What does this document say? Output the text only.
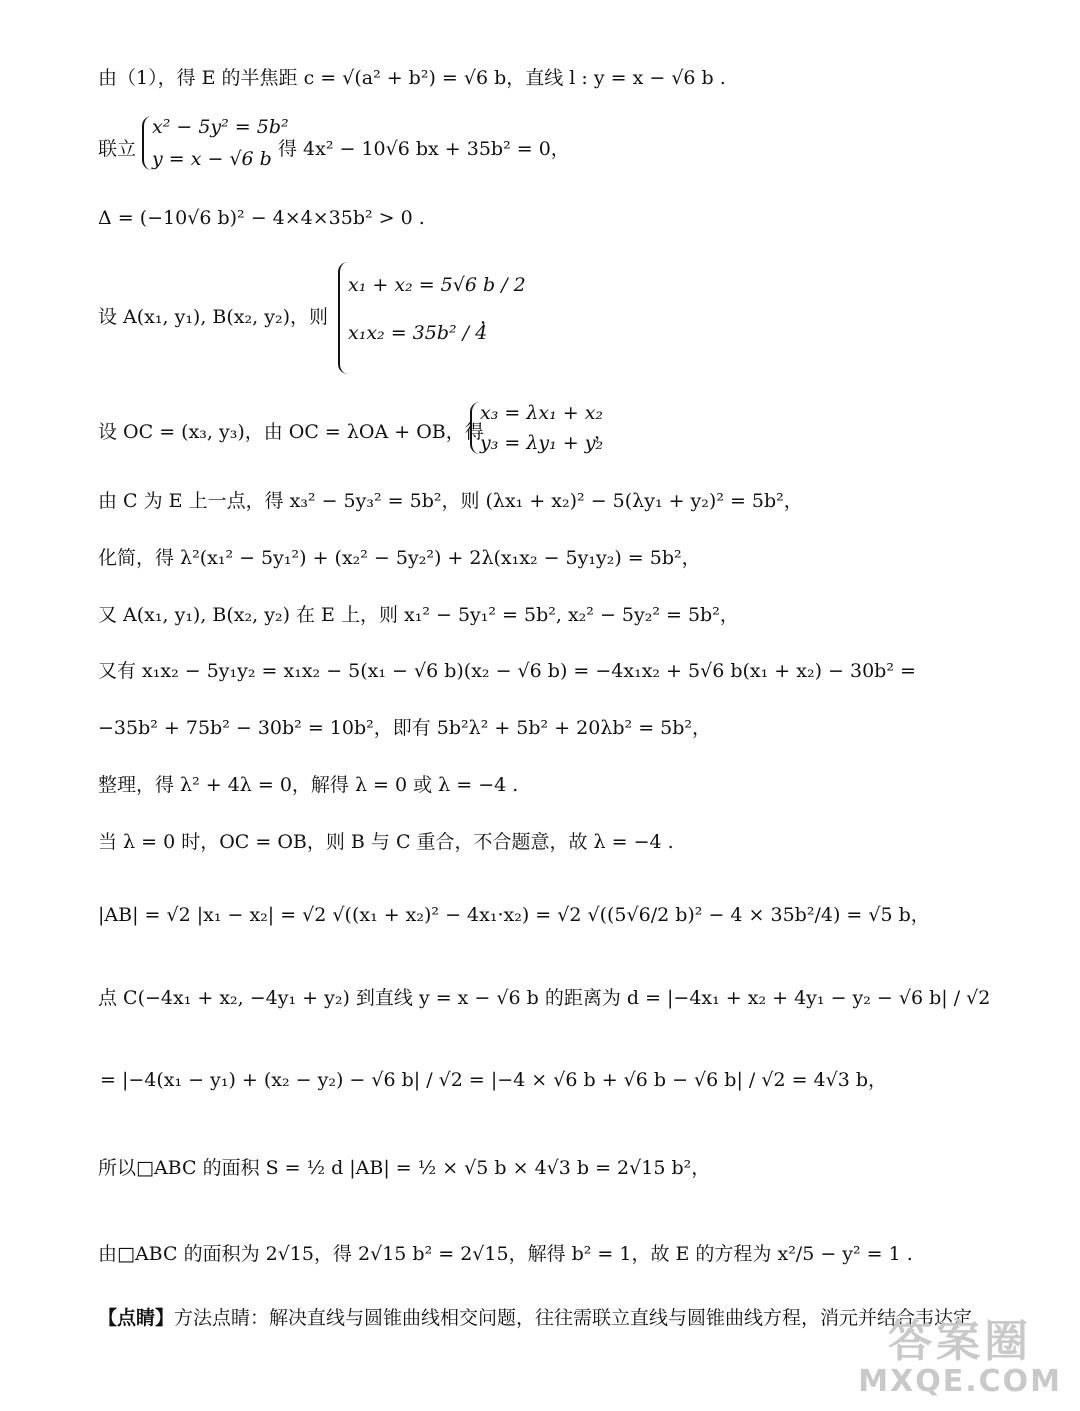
由（1），得 E 的半焦距 c = √(a² + b²) = √6 b，直线 l : y = x − √6 b .
联立
x² − 5y² = 5b²
y = x − √6 b 得 4x² − 10√6 bx + 35b² = 0，
Δ = (−10√6 b)² − 4×4×35b² > 0 .
设 A(x₁, y₁), B(x₂, y₂)，则
x₁ + x₂ = 5√6 b / 2
x₁x₂ = 35b² / 4
，
设 OC = (x₃, y₃)，由 OC = λOA + OB，得
x₃ = λx₁ + x₂
y₃ = λy₁ + y₂
，
由 C 为 E 上一点，得 x₃² − 5y₃² = 5b²，则 (λx₁ + x₂)² − 5(λy₁ + y₂)² = 5b²，
化简，得 λ²(x₁² − 5y₁²) + (x₂² − 5y₂²) + 2λ(x₁x₂ − 5y₁y₂) = 5b²，
又 A(x₁, y₁), B(x₂, y₂) 在 E 上，则 x₁² − 5y₁² = 5b², x₂² − 5y₂² = 5b²，
又有 x₁x₂ − 5y₁y₂ = x₁x₂ − 5(x₁ − √6 b)(x₂ − √6 b) = −4x₁x₂ + 5√6 b(x₁ + x₂) − 30b² =
−35b² + 75b² − 30b² = 10b²，即有 5b²λ² + 5b² + 20λb² = 5b²，
整理，得 λ² + 4λ = 0，解得 λ = 0 或 λ = −4 .
当 λ = 0 时，OC = OB，则 B 与 C 重合，不合题意，故 λ = −4 .
|AB| = √2 |x₁ − x₂| = √2 √((x₁ + x₂)² − 4x₁·x₂) = √2 √((5√6/2 b)² − 4 × 35b²/4) = √5 b，
点 C(−4x₁ + x₂, −4y₁ + y₂) 到直线 y = x − √6 b 的距离为 d = |−4x₁ + x₂ + 4y₁ − y₂ − √6 b| / √2
= |−4(x₁ − y₁) + (x₂ − y₂) − √6 b| / √2 = |−4 × √6 b + √6 b − √6 b| / √2 = 4√3 b，
所以□ABC 的面积 S = ½ d |AB| = ½ × √5 b × 4√3 b = 2√15 b²，
由□ABC 的面积为 2√15，得 2√15 b² = 2√15，解得 b² = 1，故 E 的方程为 x²/5 − y² = 1 .
【点睛】方法点睛：解决直线与圆锥曲线相交问题，往往需联立直线与圆锥曲线方程，消元并结合韦达定
答案圈
MXQE.COM
